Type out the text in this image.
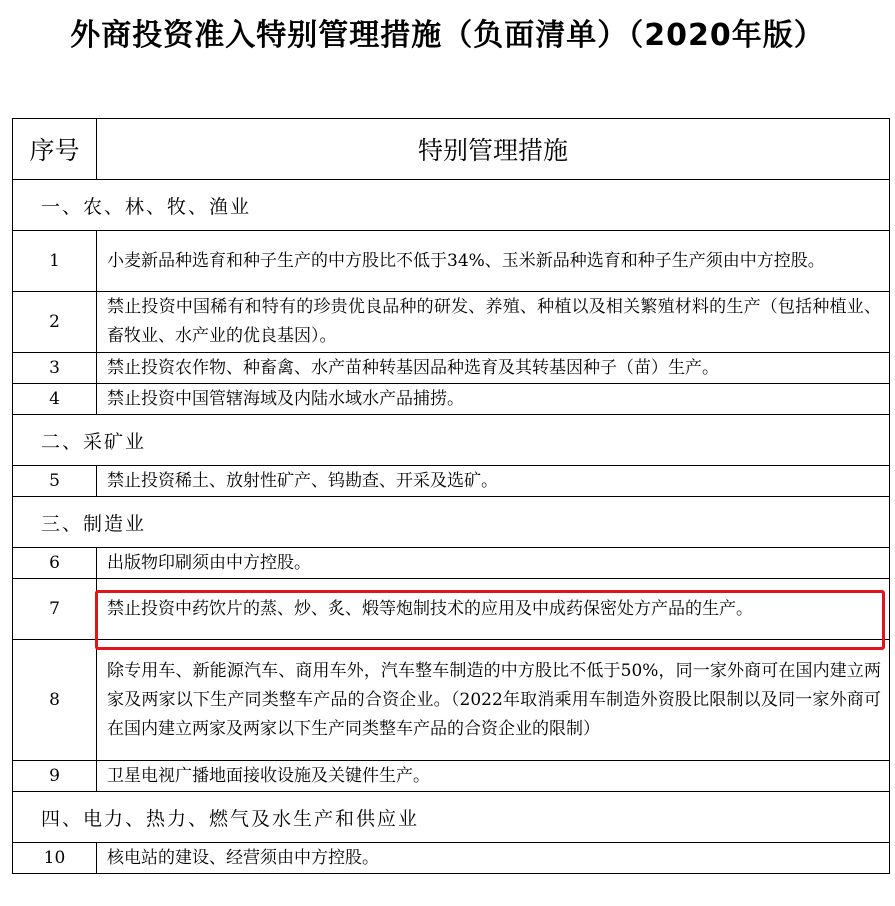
外商投资准入特别管理措施（负面清单）（2020年版）
序号	特别管理措施
一、农、林、牧、渔业	
1	小麦新品种选育和种子生产的中方股比不低于34%、玉米新品种选育和种子生产须由中方控股。
2	禁止投资中国稀有和特有的珍贵优良品种的研发、养殖、种植以及相关繁殖材料的生产（包括种植业、畜牧业、水产业的优良基因）。
3	禁止投资农作物、种畜禽、水产苗种转基因品种选育及其转基因种子（苗）生产。
4	禁止投资中国管辖海域及内陆水域水产品捕捞。
二、采矿业	
5	禁止投资稀土、放射性矿产、钨勘查、开采及选矿。
三、制造业	
6	出版物印刷须由中方控股。
7	禁止投资中药饮片的蒸、炒、炙、煅等炮制技术的应用及中成药保密处方产品的生产。
8	除专用车、新能源汽车、商用车外，汽车整车制造的中方股比不低于50%，同一家外商可在国内建立两家及两家以下生产同类整车产品的合资企业。（2022年取消乘用车制造外资股比限制以及同一家外商可在国内建立两家及两家以下生产同类整车产品的合资企业的限制）
9	卫星电视广播地面接收设施及关键件生产。
四、电力、热力、燃气及水生产和供应业	
10	核电站的建设、经营须由中方控股。
